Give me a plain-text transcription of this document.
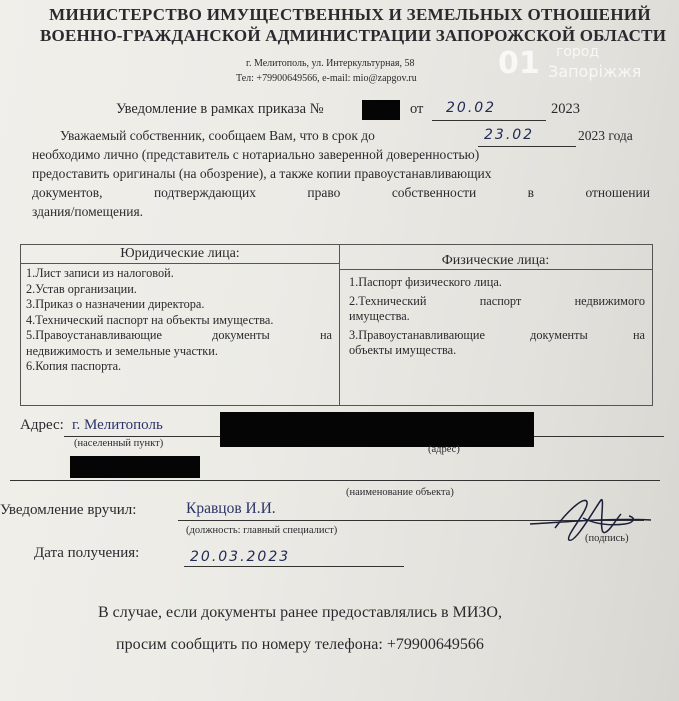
МИНИСТЕРСТВО ИМУЩЕСТВЕННЫХ И ЗЕМЕЛЬНЫХ ОТНОШЕНИЙ
ВОЕННО-ГРАЖДАНСКОЙ АДМИНИСТРАЦИИ ЗАПОРОЖСКОЙ ОБЛАСТИ
г. Мелитополь, ул. Интеркультурная, 58
Тел: +79900649566, e-mail: mio@zapgov.ru
город
Запоріжжя
01
Уведомление в рамках приказа №	от 20.02	2023
Уважаемый собственник, сообщаем Вам, что в срок до	23.02	2023 года
необходимо лично (представитель с нотариально заверенной доверенностью)
предоставить оригиналы (на обозрение), а также копии правоустанавливающих
документов,	подтверждающих	право	собственности	в	отношении
здания/помещения.
Юридические лица:	Физические лица:
1.Лист записи из налоговой.
2.Устав организации.
3.Приказ о назначении директора.
4.Технический паспорт на объекты имущества.
5.Правоустанавливающие	документы	на
недвижимость и земельные участки.
6.Копия паспорта.
1.Паспорт физического лица.
2.Технический	паспорт	недвижимого
имущества.
3.Правоустанавливающие	документы	на
объекты имущества.
Адрес: г. Мелитополь
(населенный пункт)
(адрес)
(наименование объекта)
Уведомление вручил:	Кравцов И.И.
(должность: главный специалист)
(подпись)
Дата получения:	20.03.2023
В случае, если документы ранее предоставлялись в МИЗО,
просим сообщить по номеру телефона: +79900649566
